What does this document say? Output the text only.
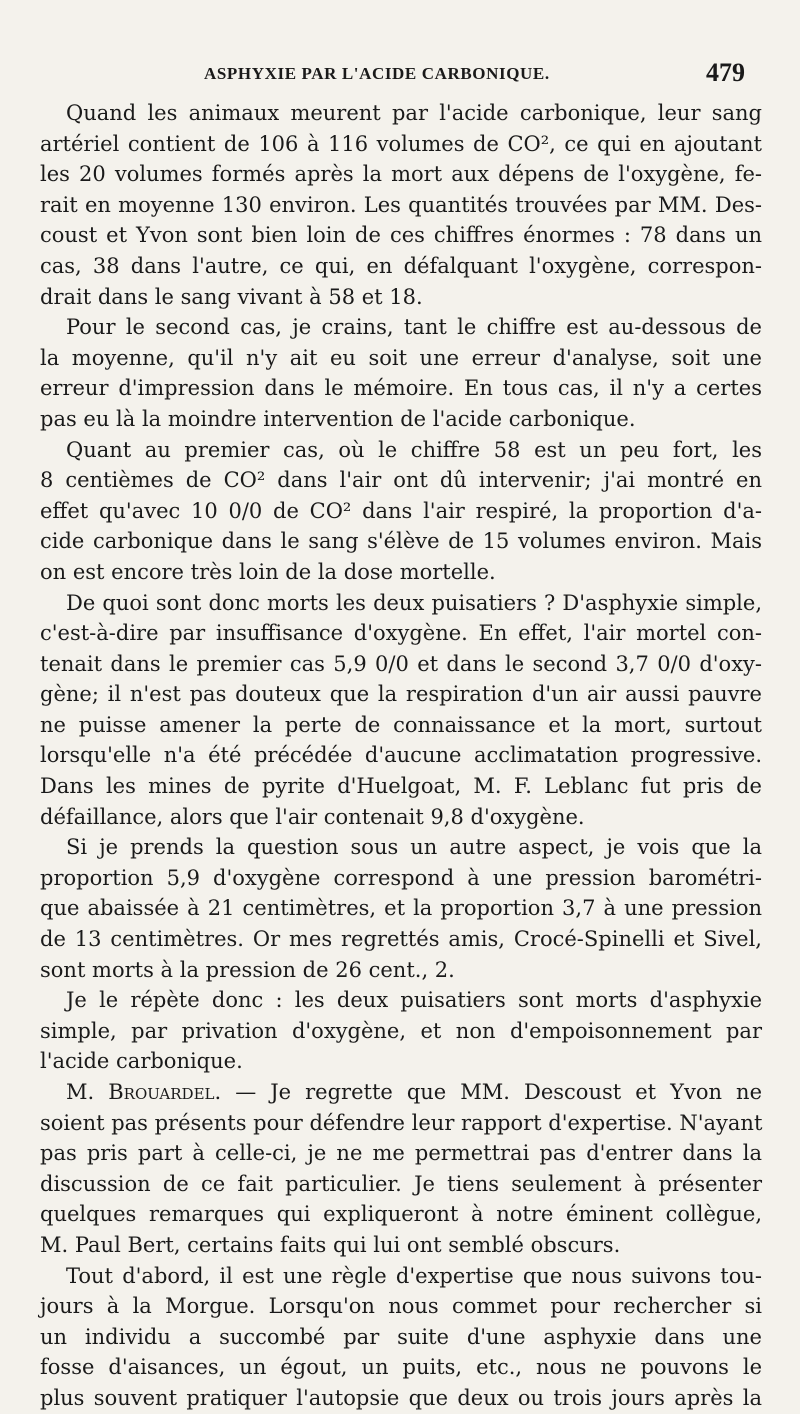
ASPHYXIE PAR L'ACIDE CARBONIQUE.	479
Quand les animaux meurent par l'acide carbonique, leur sang
artériel contient de 106 à 116 volumes de CO², ce qui en ajoutant
les 20 volumes formés après la mort aux dépens de l'oxygène, fe-
rait en moyenne 130 environ. Les quantités trouvées par MM. Des-
coust et Yvon sont bien loin de ces chiffres énormes : 78 dans un
cas, 38 dans l'autre, ce qui, en défalquant l'oxygène, correspon-
drait dans le sang vivant à 58 et 18.
Pour le second cas, je crains, tant le chiffre est au-dessous de
la moyenne, qu'il n'y ait eu soit une erreur d'analyse, soit une
erreur d'impression dans le mémoire. En tous cas, il n'y a certes
pas eu là la moindre intervention de l'acide carbonique.
Quant au premier cas, où le chiffre 58 est un peu fort, les
8 centièmes de CO² dans l'air ont dû intervenir; j'ai montré en
effet qu'avec 10 0/0 de CO² dans l'air respiré, la proportion d'a-
cide carbonique dans le sang s'élève de 15 volumes environ. Mais
on est encore très loin de la dose mortelle.
De quoi sont donc morts les deux puisatiers ? D'asphyxie simple,
c'est-à-dire par insuffisance d'oxygène. En effet, l'air mortel con-
tenait dans le premier cas 5,9 0/0 et dans le second 3,7 0/0 d'oxy-
gène; il n'est pas douteux que la respiration d'un air aussi pauvre
ne puisse amener la perte de connaissance et la mort, surtout
lorsqu'elle n'a été précédée d'aucune acclimatation progressive.
Dans les mines de pyrite d'Huelgoat, M. F. Leblanc fut pris de
défaillance, alors que l'air contenait 9,8 d'oxygène.
Si je prends la question sous un autre aspect, je vois que la
proportion 5,9 d'oxygène correspond à une pression barométri-
que abaissée à 21 centimètres, et la proportion 3,7 à une pression
de 13 centimètres. Or mes regrettés amis, Crocé-Spinelli et Sivel,
sont morts à la pression de 26 cent., 2.
Je le répète donc : les deux puisatiers sont morts d'asphyxie
simple, par privation d'oxygène, et non d'empoisonnement par
l'acide carbonique.
M. Brouardel. — Je regrette que MM. Descoust et Yvon ne
soient pas présents pour défendre leur rapport d'expertise. N'ayant
pas pris part à celle-ci, je ne me permettrai pas d'entrer dans la
discussion de ce fait particulier. Je tiens seulement à présenter
quelques remarques qui expliqueront à notre éminent collègue,
M. Paul Bert, certains faits qui lui ont semblé obscurs.
Tout d'abord, il est une règle d'expertise que nous suivons tou-
jours à la Morgue. Lorsqu'on nous commet pour rechercher si
un individu a succombé par suite d'une asphyxie dans une
fosse d'aisances, un égout, un puits, etc., nous ne pouvons le
plus souvent pratiquer l'autopsie que deux ou trois jours après la
